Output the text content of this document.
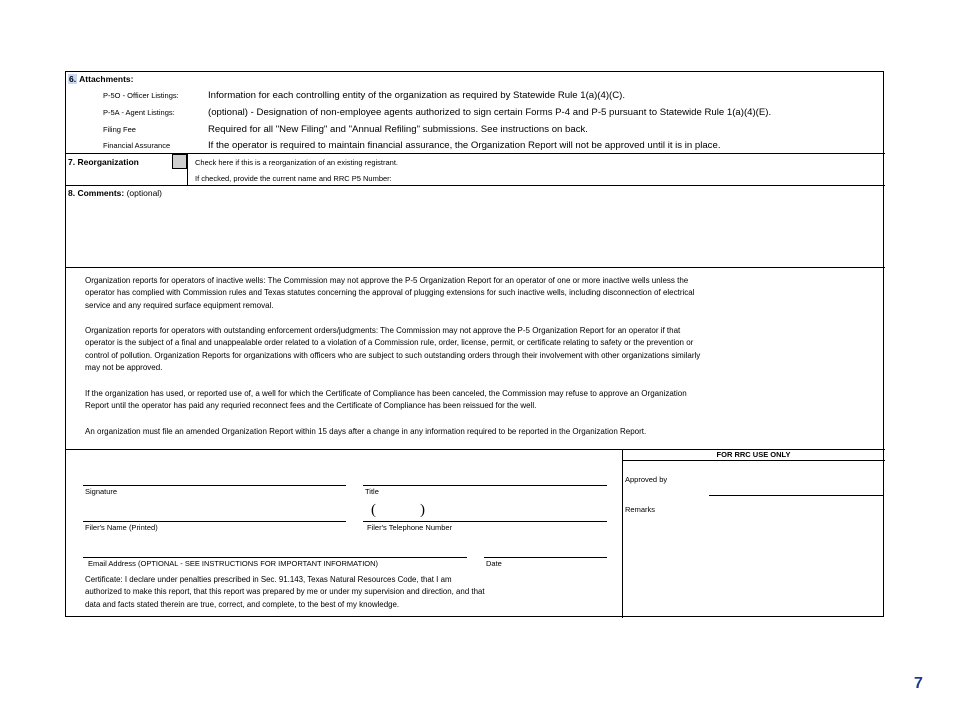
6. Attachments:
P-5O - Officer Listings:	Information for each controlling entity of the organization as required by Statewide Rule 1(a)(4)(C).
P-5A - Agent Listings:	(optional) - Designation of non-employee agents authorized to sign certain Forms P-4 and P-5 pursuant to Statewide Rule 1(a)(4)(E).
Filing Fee	Required for all "New Filing" and "Annual Refiling" submissions. See instructions on back.
Financial Assurance	If the operator is required to maintain financial assurance, the Organization Report will not be approved until it is in place.
7. Reorganization	Check here if this is a reorganization of an existing registrant.
If checked, provide the current name and RRC P5 Number:
8. Comments: (optional)
Organization reports for operators of inactive wells: The Commission may not approve the P-5 Organization Report for an operator of one or more inactive wells unless the
operator has complied with Commission rules and Texas statutes concerning the approval of plugging extensions for such inactive wells, including disconnection of electrical
service and any required surface equipment removal.
Organization reports for operators with outstanding enforcement orders/judgments: The Commission may not approve the P-5 Organization Report for an operator if that
operator is the subject of a final and unappealable order related to a violation of a Commission rule, order, license, permit, or certificate relating to safety or the prevention or
control of pollution. Organization Reports for organizations with officers who are subject to such outstanding orders through their involvement with other organizations similarly
may not be approved.
If the organization has used, or reported use of, a well for which the Certificate of Compliance has been canceled, the Commission may refuse to approve an Organization
Report until the operator has paid any requried reconnect fees and the Certificate of Compliance has been reissued for the well.
An organization must file an amended Organization Report within 15 days after a change in any information required to be reported in the Organization Report.
Signature	Title
Filer's Name (Printed)
(	)
Filer's Telephone Number
Email Address (OPTIONAL - SEE INSTRUCTIONS FOR IMPORTANT INFORMATION)	Date
Certificate: I declare under penalties prescribed in Sec. 91.143, Texas Natural Resources Code, that I am
authorized to make this report, that this report was prepared by me or under my supervision and direction, and that
data and facts stated therein are true, correct, and complete, to the best of my knowledge.
FOR RRC USE ONLY
Approved by
Remarks
7
